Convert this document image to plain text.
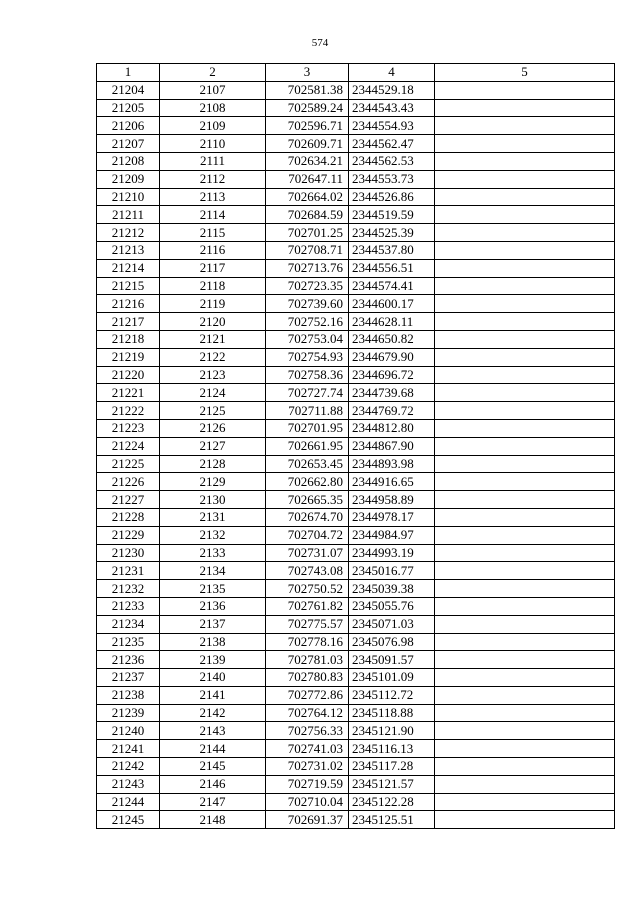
574
1	2	3	4	5
21204	2107	702581.38	2344529.18	
21205	2108	702589.24	2344543.43	
21206	2109	702596.71	2344554.93	
21207	2110	702609.71	2344562.47	
21208	2111	702634.21	2344562.53	
21209	2112	702647.11	2344553.73	
21210	2113	702664.02	2344526.86	
21211	2114	702684.59	2344519.59	
21212	2115	702701.25	2344525.39	
21213	2116	702708.71	2344537.80	
21214	2117	702713.76	2344556.51	
21215	2118	702723.35	2344574.41	
21216	2119	702739.60	2344600.17	
21217	2120	702752.16	2344628.11	
21218	2121	702753.04	2344650.82	
21219	2122	702754.93	2344679.90	
21220	2123	702758.36	2344696.72	
21221	2124	702727.74	2344739.68	
21222	2125	702711.88	2344769.72	
21223	2126	702701.95	2344812.80	
21224	2127	702661.95	2344867.90	
21225	2128	702653.45	2344893.98	
21226	2129	702662.80	2344916.65	
21227	2130	702665.35	2344958.89	
21228	2131	702674.70	2344978.17	
21229	2132	702704.72	2344984.97	
21230	2133	702731.07	2344993.19	
21231	2134	702743.08	2345016.77	
21232	2135	702750.52	2345039.38	
21233	2136	702761.82	2345055.76	
21234	2137	702775.57	2345071.03	
21235	2138	702778.16	2345076.98	
21236	2139	702781.03	2345091.57	
21237	2140	702780.83	2345101.09	
21238	2141	702772.86	2345112.72	
21239	2142	702764.12	2345118.88	
21240	2143	702756.33	2345121.90	
21241	2144	702741.03	2345116.13	
21242	2145	702731.02	2345117.28	
21243	2146	702719.59	2345121.57	
21244	2147	702710.04	2345122.28	
21245	2148	702691.37	2345125.51	
